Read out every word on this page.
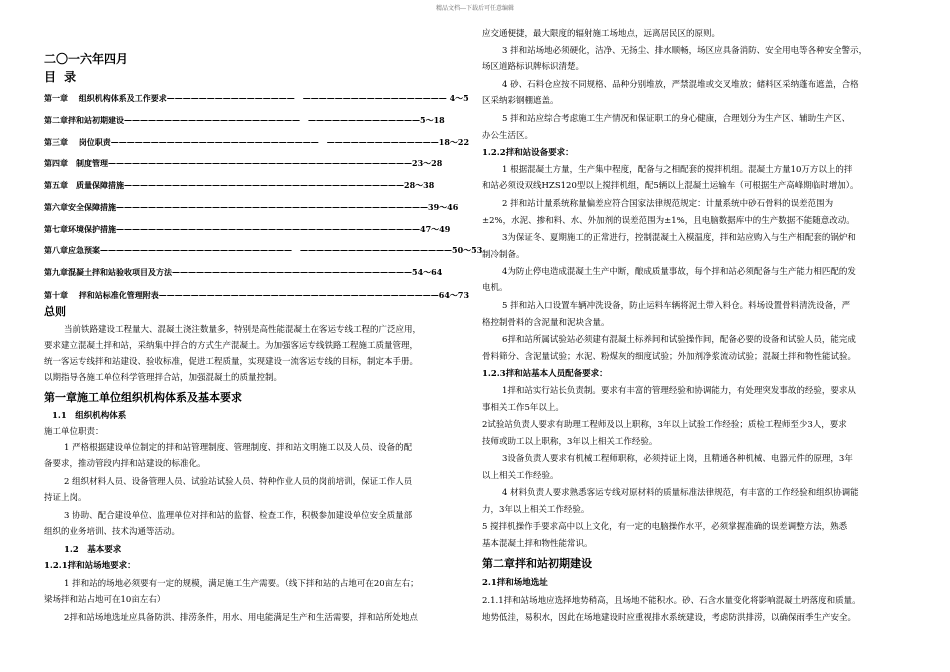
精品文档---下载后可任意编辑
二〇一六年四月
目 录
第一章　 组织机构体系及工作要求————————————————　—————————————————— 4～5
第二章拌和站初期建设——————————————————————　——————————————5～18
第三章　 岗位职责——————————————————————————　——————————————18～22
第四章　制度管理——————————————————————————————————————23～28
第五章　质量保障措施———————————————————————————————————28～38
第六章安全保障措施———————————————————————————————————————39～46
第七章环境保护措施——————————————————————————————————————47～49
第八章应急预案————————————————————————　———————————————————50～53
第九章混凝土拌和站验收项目及方法——————————————————————————————54～64
第十章　 拌和站标准化管理附表———————————————————————————————————64～73
总则
当前铁路建设工程量大、混凝土浇注数量多，特别是高性能混凝土在客运专线工程的广泛应用，
要求建立混凝土拌和站，采纳集中拌合的方式生产混凝土。为加强客运专线铁路工程施工质量管理，
统一客运专线拌和站建设、验收标准，促进工程质量，实现建设一流客运专线的目标，制定本手册。
以期指导各施工单位科学管理拌合站，加强混凝土的质量控制。
第一章施工单位组织机构体系及基本要求
1.1　组织机构体系
施工单位职责：
1 严格根据建设单位制定的拌和站管理制度、管理制度、拌和站文明施工以及人员、设备的配
备要求，推动管段内拌和站建设的标准化。
2 组织材料人员、设备管理人员、试验站试验人员、特种作业人员的岗前培训，保证工作人员
持证上岗。
3 协助、配合建设单位、监理单位对拌和站的监督、检查工作，积极参加建设单位安全质量部
组织的业务培训、技术沟通等活动。
1.2　基本要求
1.2.1拌和站场地要求：
1 拌和站的场地必须要有一定的规模，满足施工生产需要。（线下拌和站的占地可在20亩左右；
梁场拌和站占地可在10亩左右）
2拌和站场地选址应具备防洪、排涝条件，用水、用电能满足生产和生活需要，拌和站所处地点
应交通便捷，最大限度的辐射施工场地点，远离居民区的原则。
3 拌和站场地必须硬化，洁净、无扬尘、排水顺畅，场区应具备消防、安全用电等各种安全警示，
场区道路标识牌标识清楚。
4 砂、石料仓应按不同规格、品种分别堆放，严禁混堆或交叉堆放；储料区采纳蓬布遮盖，合格
区采纳彩钢棚遮盖。
5 拌和站应综合考虑施工生产情况和保证职工的身心健康，合理划分为生产区、辅助生产区、
办公生活区。
1.2.2拌和站设备要求：
1 根据混凝土方量，生产集中程度，配备与之相配套的搅拌机组。混凝土方量10万方以上的拌
和站必须设双线HZS120型以上搅拌机组，配5辆以上混凝土运输车（可根据生产高峰期临时增加）。
2 拌和站计量系统称量偏差应符合国家法律规范规定：计量系统中砂石骨料的误差范围为
±2%，水泥、掺和料、水、外加剂的误差范围为±1%，且电脑数据库中的生产数据不能随意改动。
3为保证冬、夏期施工的正常进行，控制混凝土入模温度，拌和站应购入与生产相配套的锅炉和
制冷制备。
4为防止停电造成混凝土生产中断，酿成质量事故，每个拌和站必须配备与生产能力相匹配的发
电机。
5 拌和站入口设置车辆冲洗设备，防止运料车辆将泥土带入料仓。料场设置骨料清洗设备，严
格控制骨料的含泥量和泥块含量。
6拌和站所属试验站必须建有混凝土标养间和试验操作间，配备必要的设备和试验人员，能完成
骨料筛分、含泥量试验；水泥、粉煤灰的细度试验；外加剂净浆流动试验；混凝土拌和物性能试验。
1.2.3拌和站基本人员配备要求：
1拌和站实行站长负责制。要求有丰富的管理经验和协调能力，有处理突发事故的经验，要求从
事相关工作5年以上。
2试验站负责人要求有助理工程师及以上职称，3年以上试验工作经验；质检工程师至少3人，要求
技师或助工以上职称，3年以上相关工作经验。
3设备负责人要求有机械工程师职称，必须持证上岗，且精通各种机械、电器元件的原理，3年
以上相关工作经验。
4 材料负责人要求熟悉客运专线对原材料的质量标准法律规范，有丰富的工作经验和组织协调能
力，3年以上相关工作经验。
5 搅拌机操作手要求高中以上文化，有一定的电脑操作水平，必须掌握准确的误差调整方法，熟悉
基本混凝土拌和物性能常识。
第二章拌和站初期建设
2.1拌和场地选址
2.1.1拌和站场地应选择地势稍高，且场地不能积水。砂、石含水量变化将影响混凝土坍落度和质量。
地势低洼，易积水，因此在场地建设时应重视排水系统建设，考虑防洪排涝，以确保雨季生产安全。
